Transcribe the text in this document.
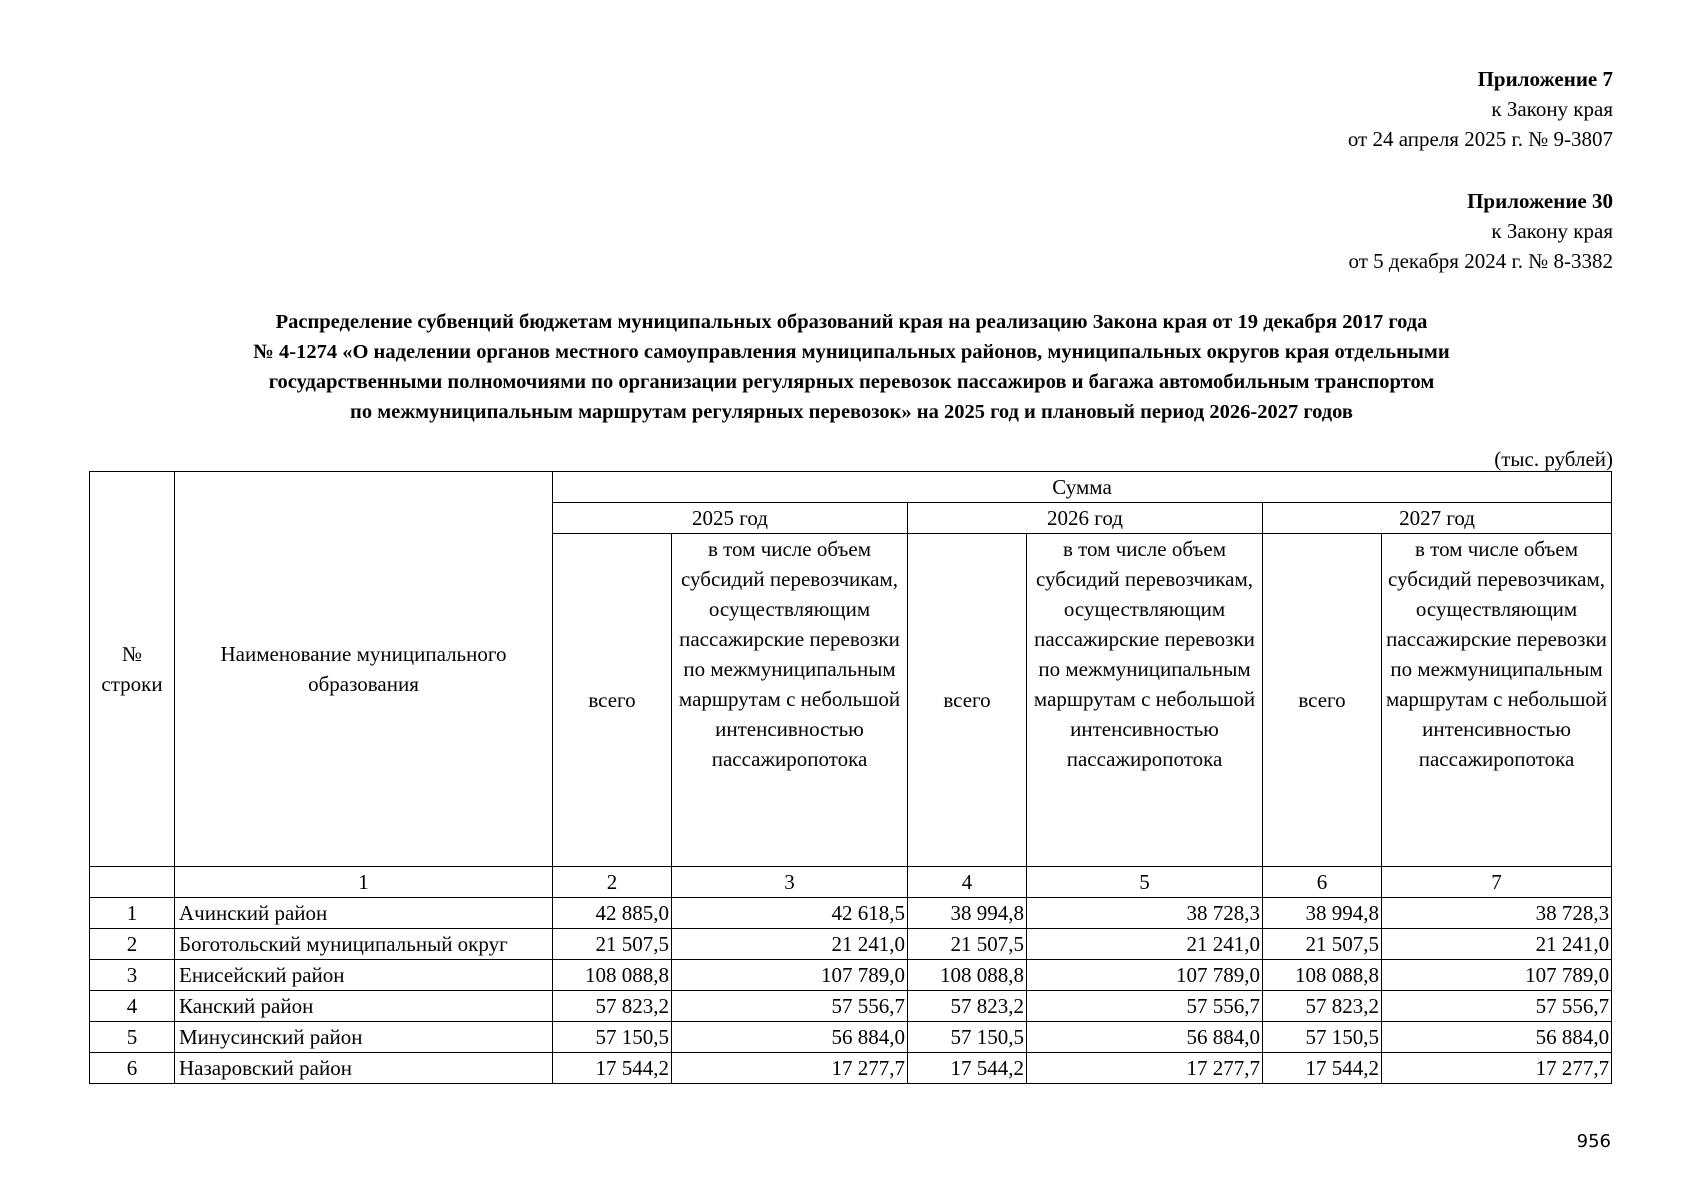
Приложение 7
к Закону края
от 24 апреля 2025 г. № 9-3807
Приложение 30
к Закону края
от 5 декабря 2024 г. № 8-3382
Распределение субвенций бюджетам муниципальных образований края на реализацию Закона края от 19 декабря 2017 года
№ 4-1274 «О наделении органов местного самоуправления муниципальных районов, муниципальных округов края отдельными
государственными полномочиями по организации регулярных перевозок пассажиров и багажа автомобильным транспортом
по межмуниципальным маршрутам регулярных перевозок» на 2025 год и плановый период 2026-2027 годов
(тыс. рублей)
№ строки	Наименование муниципального образования	Сумма					
		2025 год		2026 год		2027 год	
		всего	в том числе объем субсидий перевозчикам, осуществляющим пассажирские перевозки по межмуниципальным маршрутам с небольшой интенсивностью пассажиропотока	всего	в том числе объем субсидий перевозчикам, осуществляющим пассажирские перевозки по межмуниципальным маршрутам с небольшой интенсивностью пассажиропотока	всего	в том числе объем субсидий перевозчикам, осуществляющим пассажирские перевозки по межмуниципальным маршрутам с небольшой интенсивностью пассажиропотока
	1	2	3	4	5	6	7
1	Ачинский район	42 885,0	42 618,5	38 994,8	38 728,3	38 994,8	38 728,3
2	Боготольский муниципальный округ	21 507,5	21 241,0	21 507,5	21 241,0	21 507,5	21 241,0
3	Енисейский район	108 088,8	107 789,0	108 088,8	107 789,0	108 088,8	107 789,0
4	Канский район	57 823,2	57 556,7	57 823,2	57 556,7	57 823,2	57 556,7
5	Минусинский район	57 150,5	56 884,0	57 150,5	56 884,0	57 150,5	56 884,0
6	Назаровский район	17 544,2	17 277,7	17 544,2	17 277,7	17 544,2	17 277,7
956
